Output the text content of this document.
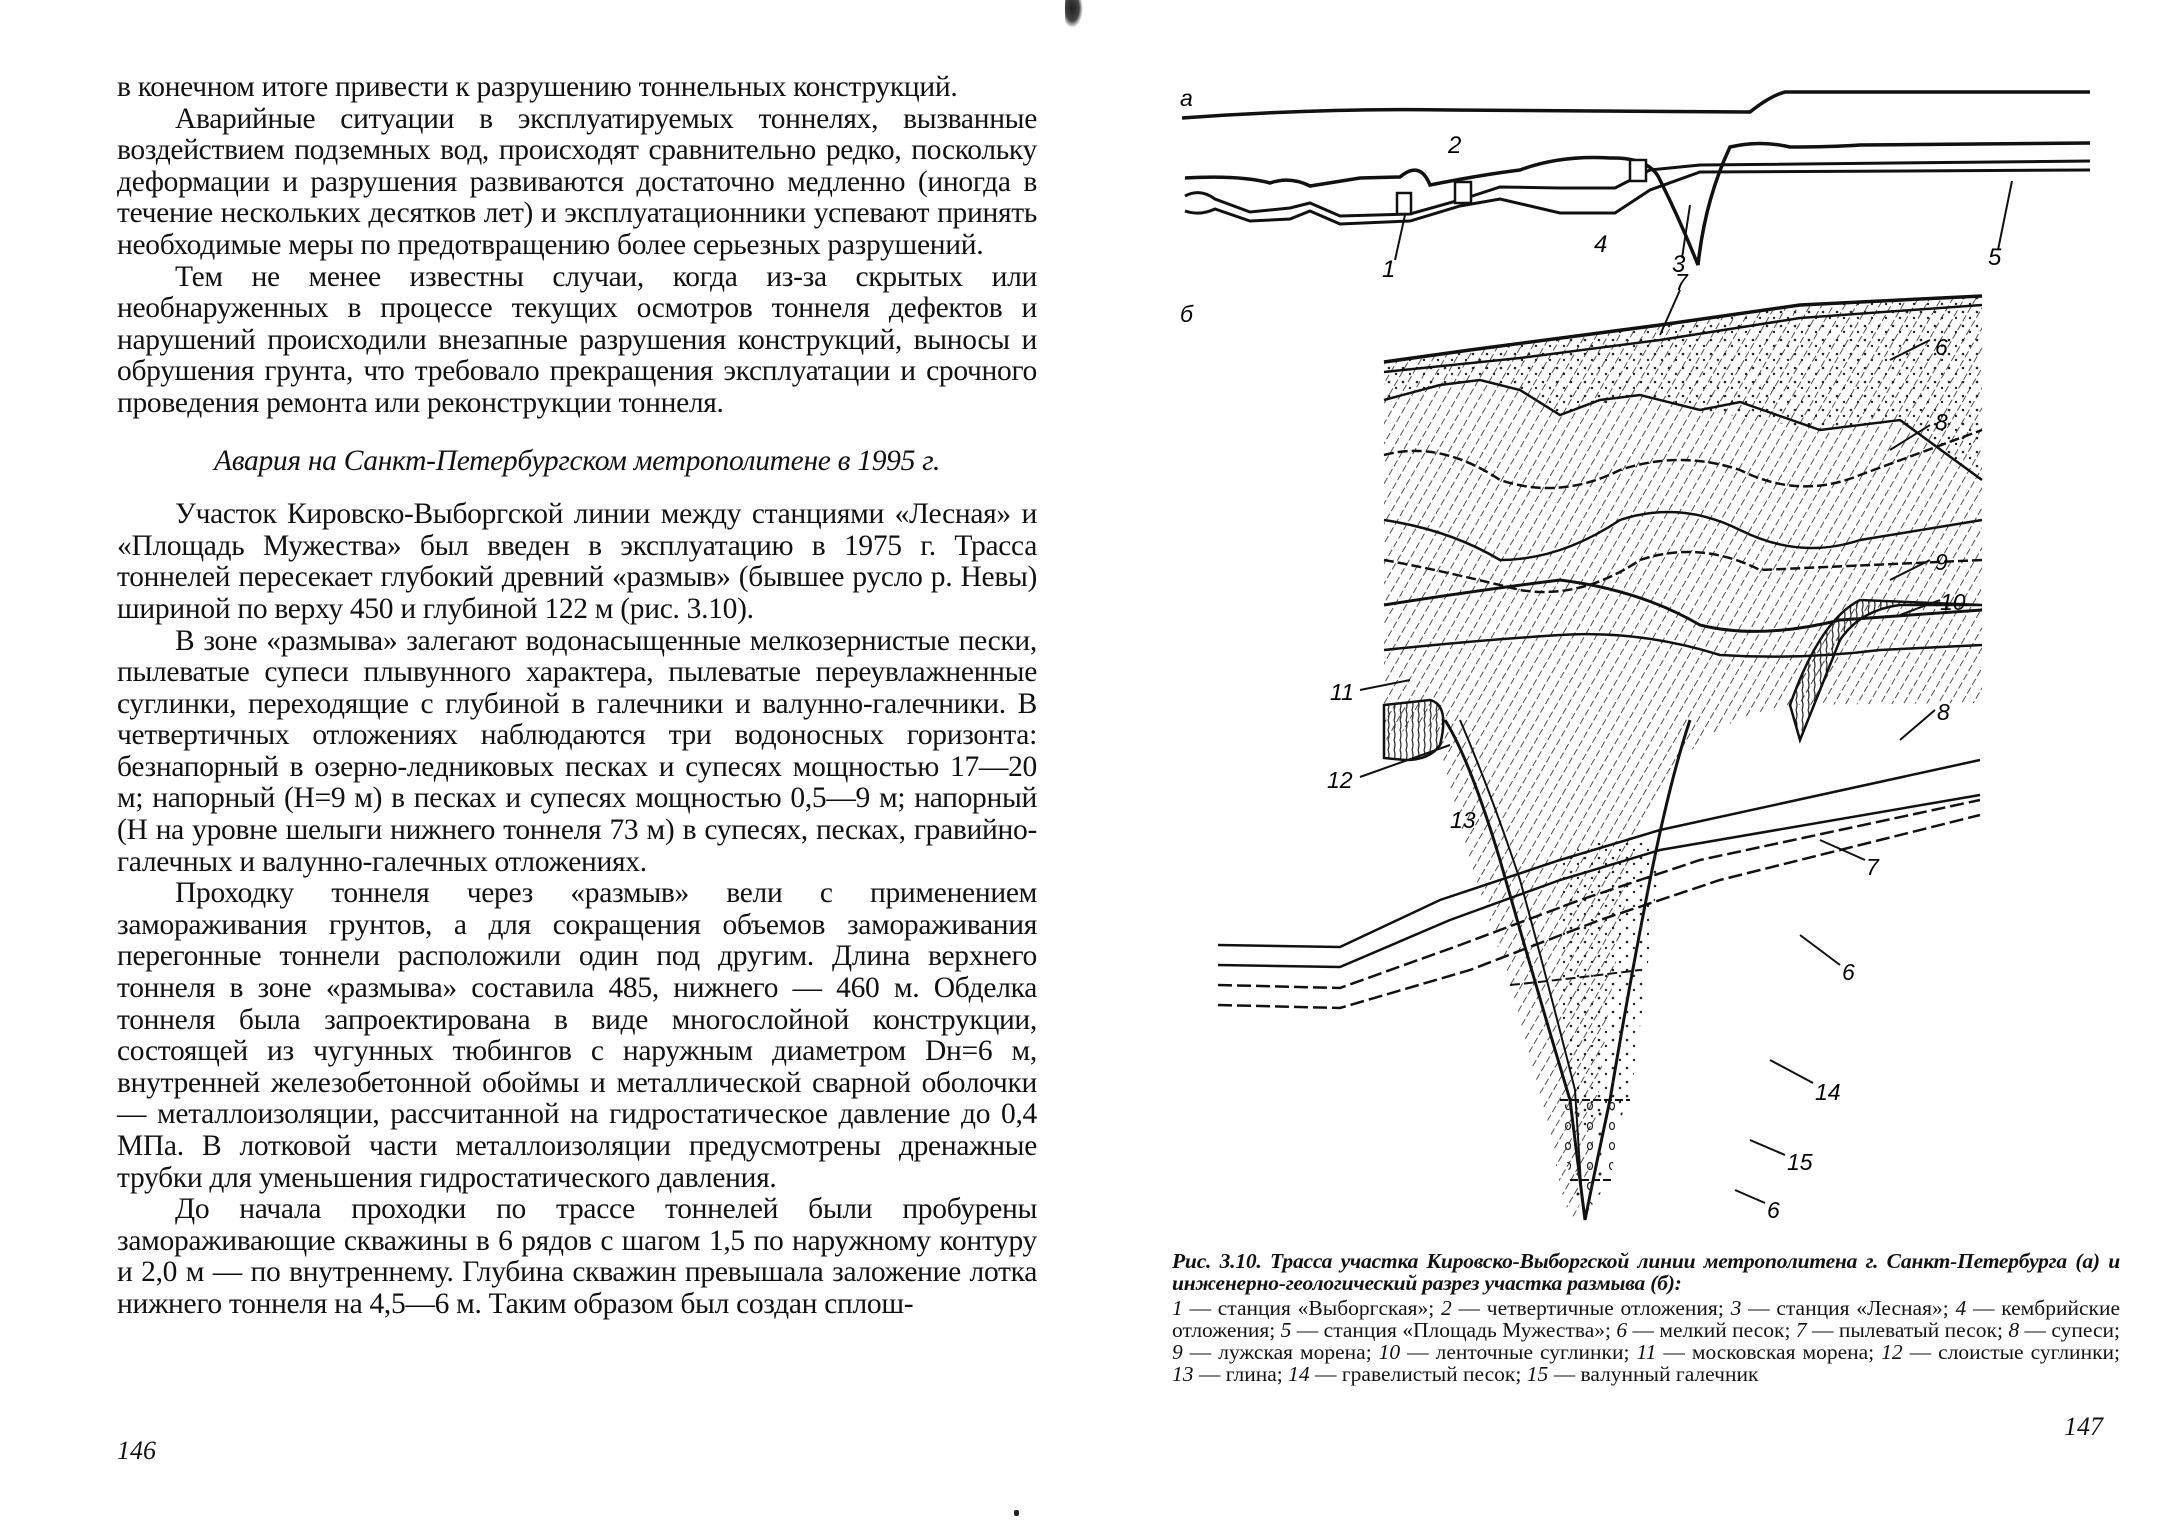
в конечном итоге привести к разрушению тоннельных конструкций.

Аварийные ситуации в эксплуатируемых тоннелях, вызванные воздействием подземных вод, происходят сравнительно редко, поскольку деформации и разрушения развиваются достаточно медленно (иногда в течение нескольких десятков лет) и эксплуатационники успевают принять необходимые меры по предотвращению более серьезных разрушений.

Тем не менее известны случаи, когда из-за скрытых или необнаруженных в процессе текущих осмотров тоннеля дефектов и нарушений происходили внезапные разрушения конструкций, выносы и обрушения грунта, что требовало прекращения эксплуатации и срочного проведения ремонта или реконструкции тоннеля.

Авария на Санкт-Петербургском метрополитене в 1995 г.

Участок Кировско-Выборгской линии между станциями «Лесная» и «Площадь Мужества» был введен в эксплуатацию в 1975 г. Трасса тоннелей пересекает глубокий древний «размыв» (бывшее русло р. Невы) шириной по верху 450 и глубиной 122 м (рис. 3.10).

В зоне «размыва» залегают водонасыщенные мелкозернистые пески, пылеватые супеси плывунного характера, пылеватые переувлажненные суглинки, переходящие с глубиной в галечники и валунно-галечники. В четвертичных отложениях наблюдаются три водоносных горизонта: безнапорный в озерно-ледниковых песках и супесях мощностью 17—20 м; напорный (H=9 м) в песках и супесях мощностью 0,5—9 м; напорный (H на уровне шелыги нижнего тоннеля 73 м) в супесях, песках, гравийно-галечных и валунно-галечных отложениях.

Проходку тоннеля через «размыв» вели с применением замораживания грунтов, а для сокращения объемов замораживания перегонные тоннели расположили один под другим. Длина верхнего тоннеля в зоне «размыва» составила 485, нижнего — 460 м. Обделка тоннеля была запроектирована в виде многослойной конструкции, состоящей из чугунных тюбингов с наружным диаметром Dн=6 м, внутренней железобетонной обоймы и металлической сварной оболочки — металлоизоляции, рассчитанной на гидростатическое давление до 0,4 МПа. В лотковой части металлоизоляции предусмотрены дренажные трубки для уменьшения гидростатического давления.

До начала проходки по трассе тоннелей были пробурены замораживающие скважины в 6 рядов с шагом 1,5 по наружному контуру и 2,0 м — по внутреннему. Глубина скважин превышала заложение лотка нижнего тоннеля на 4,5—6 м. Таким образом был создан сплош-

146
а
2
1
4
3	5
б
7
6
8
9
10
11
12
8
13
7
6
14
15
6
Рис. 3.10. Трасса участка Кировско-Выборгской линии метрополитена г. Санкт-Петербурга (а) и инженерно-геологический разрез участка размыва (б):
1 — станция «Выборгская»; 2 — четвертичные отложения; 3 — станция «Лесная»; 4 — кембрийские отложения; 5 — станция «Площадь Мужества»; 6 — мелкий песок; 7 — пылеватый песок; 8 — супеси; 9 — лужская морена; 10 — ленточные суглинки; 11 — московская морена; 12 — слоистые суглинки; 13 — глина; 14 — гравелистый песок; 15 — валунный галечник
147
